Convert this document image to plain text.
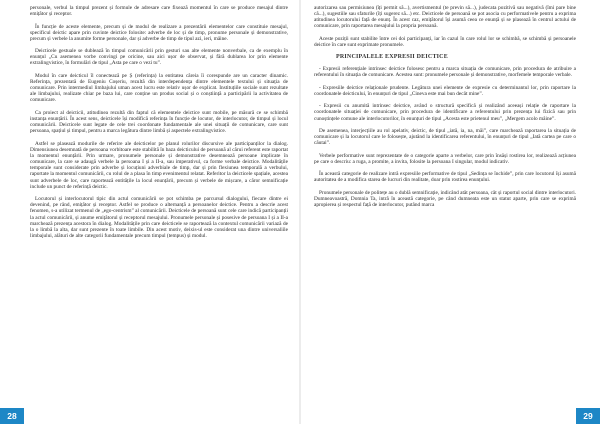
personale, verbul la timpul prezent și formule de adresare care fixează momentul în care se produce mesajul dintre emițător și receptor.

În funcție de aceste elemente, precum și de modul de realizare a prezentării elementelor care constituie mesajul, specificul deictic apare prin cuvinte deictice folosite: adverbe de loc și de timp, pronume personale și demonstrative, precum și verbele la anumite forme personale, dar și adverbe de timp de tipul azi, ieri, mâine.

Deicticele gestuale se dublează în timpul comunicării prin gesturi sau alte elemente nonverbale, ca de exemplu în enunțul „Cu asemenea vorbe convingi pe oricine, sau aici ușor de observat, și fără dublarea lor prin elemente extralingvistice, în formulări de tipul „Asta pe care o vezi tu”.

Modul în care deicticul îl conectează pe Ș (referința) la entitatea căreia îi corespunde are un caracter dinamic. Referința, prezentată de Eugeniu Coșeriu, rezultă din interdependența dintre elementele textului și situația de comunicare. Prin intermediul limbajului uman acest lucru este relativ ușor de explicat. Instituțiile sociale sunt rezultate ale limbajului, realizate chiar pe baza lui, care conține un produs social și o conștiință a participării la activitatea de comunicare.

Ca proiect al deicticii, atitudinea rezultă din faptul că elementele deictice sunt mobile, pe măsură ce se schimbă instanța enunțării. În acest sens, deicticele își modifică referința în funcție de locutor, de interlocutor, de timpul și locul comunicării. Deicticele sunt legate de cele trei coordonate fundamentale ale unei situații de comunicare, care sunt persoana, spațiul și timpul, pentru a marca legătura dintre limbă și aspectele extralingvistice.

Astfel se plasează modurile de referire ale deicticelor pe planul rolurilor discursive ale participanților la dialog. Dimensiunea desemnată de persoana vorbitoare este stabilită în baza deicticului de persoană al cărui referent este raportat la momentul enunțării. Prin urmare, pronumele personale și demonstrative desemnează persoane implicate în comunicare, la care se adaugă verbele la persoana I și a II-a, sau imperativul, ca forme verbale deictice. Modalitățile temporale sunt considerate prin adverbe și locuțiuni adverbiale de timp, dar și prin flexiunea temporală a verbului, raportate la momentul comunicării, cu rolul de a plasa în timp evenimentul relatat. Referitor la deicticele spațiale, acestea sunt adverbele de loc, care raportează entitățile la locul enunțării, precum și verbele de mișcare, a căror semnificație include un punct de referință deictic.

Locutorul și interlocutorul tipic din actul comunicării se pot schimba pe parcursul dialogului, fiecare dintre ei devenind, pe rând, emițător și receptor. Astfel se produce o alternanță a persoanelor deictice. Pentru a descrie acest fenomen, s-a utilizat termenul de „ego-centrism” al comunicării. Deicticele de persoană sunt cele care indică participanții la actul comunicării, și anume emițătorul și receptorul mesajului. Pronumele personale și posesive de persoana I și a II-a marchează prezența acestora în dialog. Modalitățile prin care deicticele se raportează la contextul comunicării variază de la o limbă la alta, dar sunt prezente în toate limbile. Din acest motiv, deixis-ul este considerat una dintre universaliile limbajului, alături de alte categorii fundamentale precum timpul (tempus) și modul.

28

autorizarea sau permisiunea (îți permit să...), avertismentul (te previn să...), judecata pozitivă sau negativă (îmi pare bine că...), sugestiile sau sfaturile (îți sugerez să...) etc. Deicticele de persoană se pot asocia cu performativele pentru a exprima atitudinea locutorului față de enunț. În acest caz, emițătorul își asumă ceea ce enunță și se plasează în centrul actului de comunicare, prin raportarea mesajului la propria persoană.

Aceste poziții sunt stabilite între cei doi participanți, iar în cazul în care rolul lor se schimbă, se schimbă și persoanele deictice în care sunt exprimate pronumele.

PRINCIPALELE EXPRESII DEICTICE

- Expresii referențiale intrinsec deictice folosesc pentru a marca situația de comunicare, prin procedura de atribuire a referentului în situația de comunicare. Acestea sunt: pronumele personale și demonstrative, morfemele temporale verbale.

- Expresiile deictice relaționale prudente. Legătura unei elemente de expresie cu determinantul lor, prin raportare la coordonatele deicticului, în enunțuri de tipul „Cineva este mai bun decât mine”.

- Expresii cu anumită intrinsec deictice, având o structură specifică și realizând aceeași relație de raportare la coordonatele situației de comunicare, prin procedura de identificare a referentului prin prezența lui fizică sau prin cunoștințele comune ale interlocutorilor, în enunțuri de tipul „Acesta este prietenul meu”, „Mergem acolo mâine”.

De asemenea, interjecțiile au rol apelativ, deictic, de tipul „iată, ia, na, măi”, care marchează raportarea la situația de comunicare și la locutorul care le folosește, ajutând la identificarea referentului, în enunțuri de tipul „Iată cartea pe care o căutai”.

Verbele performative sunt reprezentate de o categorie aparte a verbelor, care prin însăși rostirea lor, realizează acțiunea pe care o descriu: a ruga, a promite, a invita, folosite la persoana I singular, modul indicativ.

În această categorie de realizare intră expresiile performative de tipul „Sedința se închide”, prin care locutorul își asumă autoritatea de a modifica starea de lucruri din realitate, doar prin rostirea enunțului.

Pronumele personale de politețe au o dublă semnificație, indicând atât persoana, cât și raportul social dintre interlocutori. Dumneavoastră, Domnia Ta, intră în această categorie, pe când dumneata este un statut aparte, prin care se exprimă apropierea și respectul față de interlocutor, putând marca

29
